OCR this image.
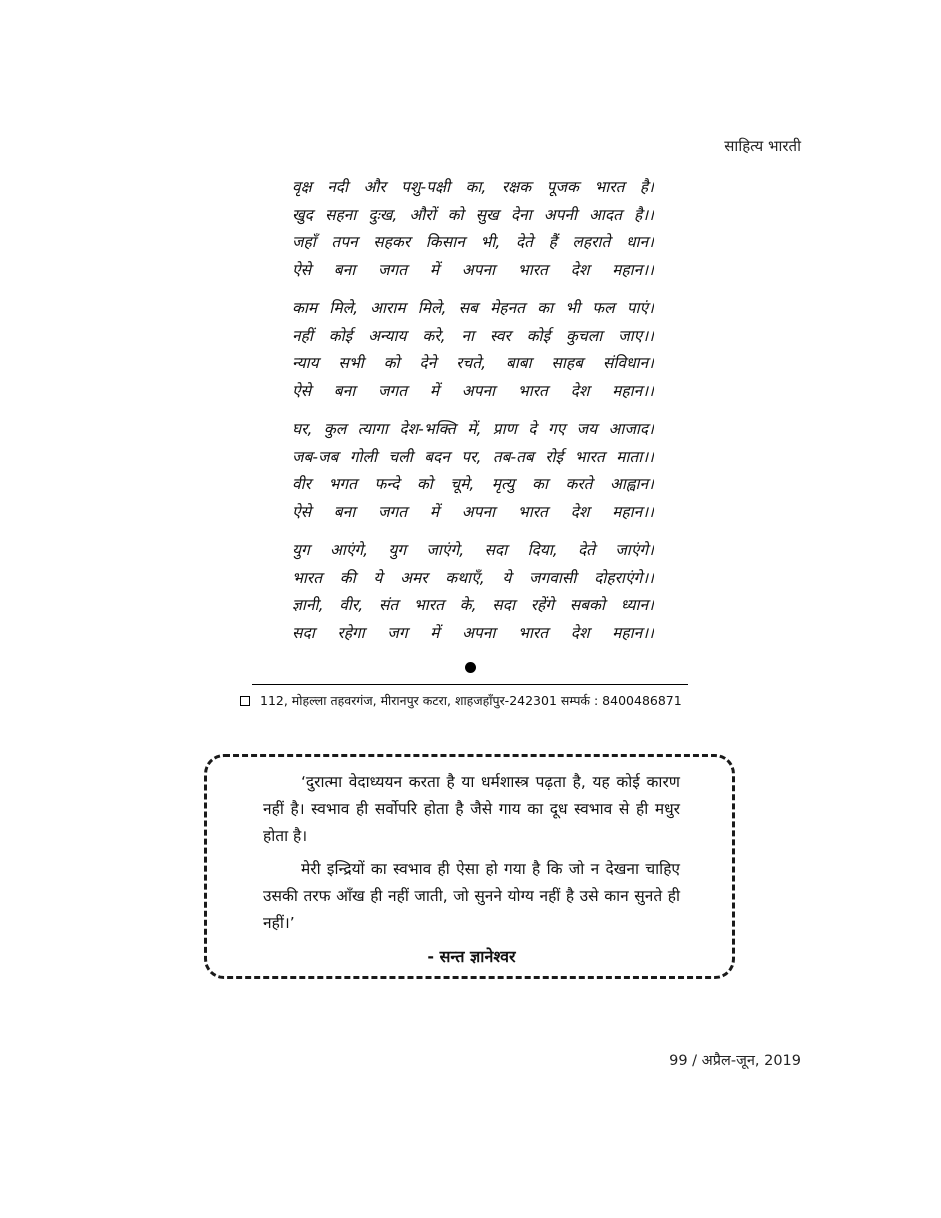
साहित्य भारती
वृक्ष नदी और पशु-पक्षी का, रक्षक पूजक भारत है।
खुद सहना दुःख, औरों को सुख देना अपनी आदत है।।
जहाँ तपन सहकर किसान भी, देते हैं लहराते धान।
ऐसे बना जगत में अपना भारत देश महान।।
काम मिले, आराम मिले, सब मेहनत का भी फल पाएं।
नहीं कोई अन्याय करे, ना स्वर कोई कुचला जाए।।
न्याय सभी को देने रचते, बाबा साहब संविधान।
ऐसे बना जगत में अपना भारत देश महान।।
घर, कुल त्यागा देश-भक्ति में, प्राण दे गए जय आजाद।
जब-जब गोली चली बदन पर, तब-तब रोई भारत माता।।
वीर भगत फन्दे को चूमे, मृत्यु का करते आह्वान।
ऐसे बना जगत में अपना भारत देश महान।।
युग आएंगे, युग जाएंगे, सदा दिया, देते जाएंगे।
भारत की ये अमर कथाएँ, ये जगवासी दोहराएंगे।।
ज्ञानी, वीर, संत भारत के, सदा रहेंगे सबको ध्यान।
सदा रहेगा जग में अपना भारत देश महान।।
112, मोहल्ला तहवरगंज, मीरानपुर कटरा, शाहजहाँपुर-242301 सम्पर्क : 8400486871

‘दुरात्मा वेदाध्ययन करता है या धर्मशास्त्र पढ़ता है, यह कोई कारण नहीं है। स्वभाव ही सर्वोपरि होता है जैसे गाय का दूध स्वभाव से ही मधुर होता है।

मेरी इन्द्रियों का स्वभाव ही ऐसा हो गया है कि जो न देखना चाहिए उसकी तरफ आँख ही नहीं जाती, जो सुनने योग्य नहीं है उसे कान सुनते ही नहीं।’

- सन्त ज्ञानेश्वर
99 / अप्रैल-जून, 2019
